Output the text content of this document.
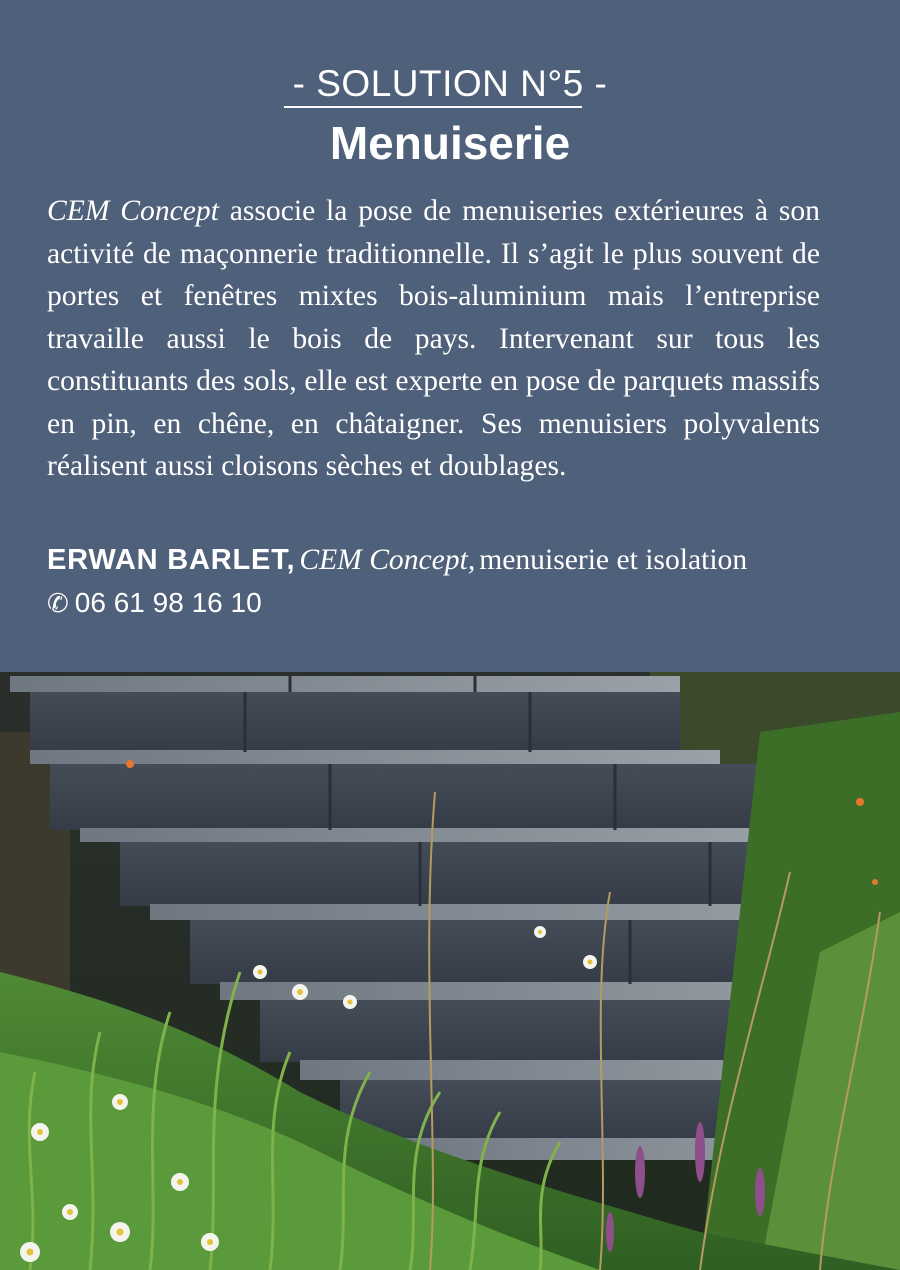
- SOLUTION N°5 -
Menuiserie

CEM Concept associe la pose de menuiseries extérieures à son activité de maçonnerie traditionnelle. Il s’agit le plus souvent de portes et fenêtres mixtes bois-aluminium mais l’entreprise travaille aussi le bois de pays. Intervenant sur tous les constituants des sols, elle est experte en pose de parquets massifs en pin, en chêne, en châtaigner. Ses menuisiers polyvalents réalisent aussi cloisons sèches et doublages.

ERWAN BARLET, CEM Concept, menuiserie et isolation
✆ 06 61 98 16 10
